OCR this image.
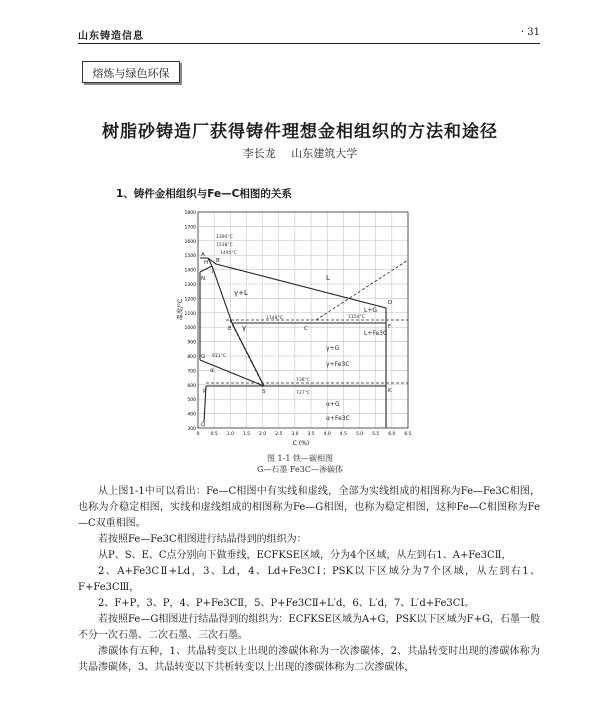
山东铸造信息	· 31
熔炼与绿色环保
树脂砂铸造厂获得铸件理想金相组织的方法和途径
李长龙 山东建筑大学
1、铸件金相组织与Fe—C相图的关系
1800
1700
1600
1500
1400
1300
1200
1100
1000
900
800
700
600
500
400
300
0 0.5 1.0 1.5 2.0 2.5 3.0 3.5 4.0 4.5 5.0 5.5 6.0 6.5
温度/°C
C (%)
L
γ+L
γ
α
γ+G
γ+Fe3C
α+G
α+Fe3C
L+G
L+Fe3C
A
B
H
J
N
E	C	F
D
G
P	S	K
Q
1148°C	1154°C
727°C
738°C
1495°C
911°C
1538°C
1394°C
图 1-1 铁—碳相图
G—石墨 Fe3C—渗碳体

从上图1-1中可以看出：Fe—C相图中有实线和虚线，全部为实线组成的相图称为Fe—Fe3C相图，也称为介稳定相图，实线和虚线组成的相图称为Fe—G相图，也称为稳定相图，这种Fe—C相图称为Fe—C双重相图。

若按照Fe—Fe3C相图进行结晶得到的组织为：

从P、S、E、C点分别向下做垂线，ECFKSE区域，分为4个区域，从左到右1、A+Fe3CⅡ，

2、A+Fe3CⅡ+Ld，3、Ld，4、Ld+Fe3CⅠ；PSK以下区域分为7个区域，从左到右1、F+Fe3CⅢ，

2、F+P，3、P，4、P+Fe3CⅡ，5、P+Fe3CⅡ+L′d，6、L′d，7、L′d+Fe3CⅠ。

若按照Fe—G相图进行结晶得到的组织为：ECFKSE区域为A+G，PSK以下区域为F+G，石墨一般不分一次石墨、二次石墨、三次石墨。

渗碳体有五种，1、共晶转变以上出现的渗碳体称为一次渗碳体，2、共晶转变时出现的渗碳体称为共晶渗碳体，3、共晶转变以下共析转变以上出现的渗碳体称为二次渗碳体，
